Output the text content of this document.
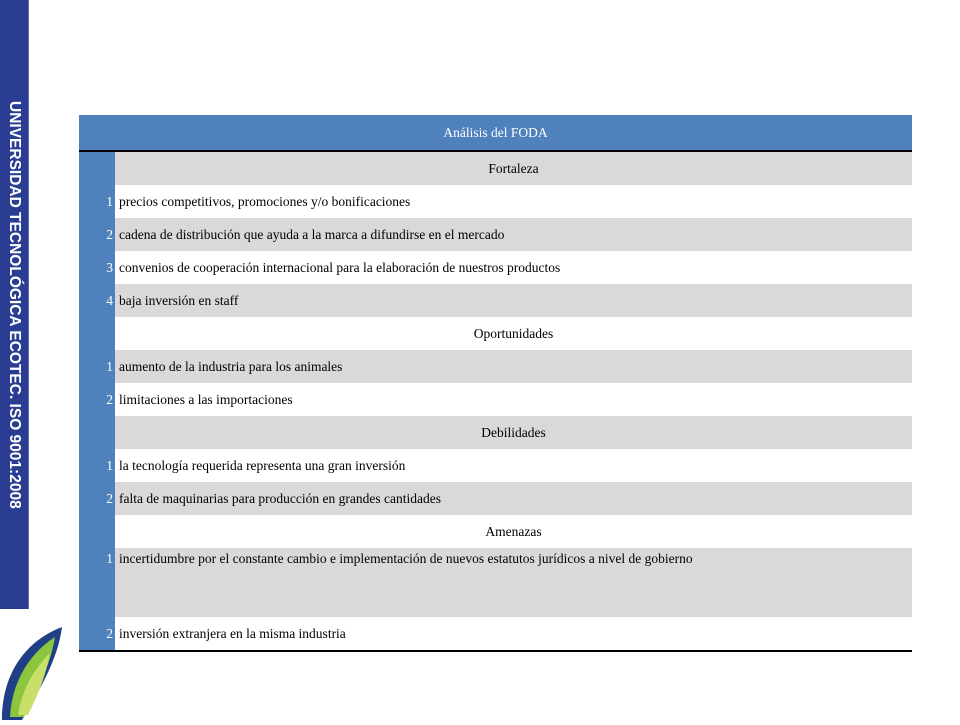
UNIVERSIDAD TECNOLÓGICA ECOTEC. ISO 9001:2008	Análisis del FODA	
	Fortaleza
1	precios competitivos, promociones y/o bonificaciones
2	cadena de distribución que ayuda a la marca a difundirse en el mercado
3	convenios de cooperación internacional para la elaboración de nuestros productos
4	baja inversión en staff
	Oportunidades
1	aumento de la industria para los animales
2	limitaciones a las importaciones
	Debilidades
1	la tecnología requerida representa una gran inversión
2	falta de maquinarias para producción en grandes cantidades
	Amenazas
1	incertidumbre por el constante cambio e implementación de nuevos estatutos jurídicos a nivel de gobierno
2	inversión extranjera en la misma industria
